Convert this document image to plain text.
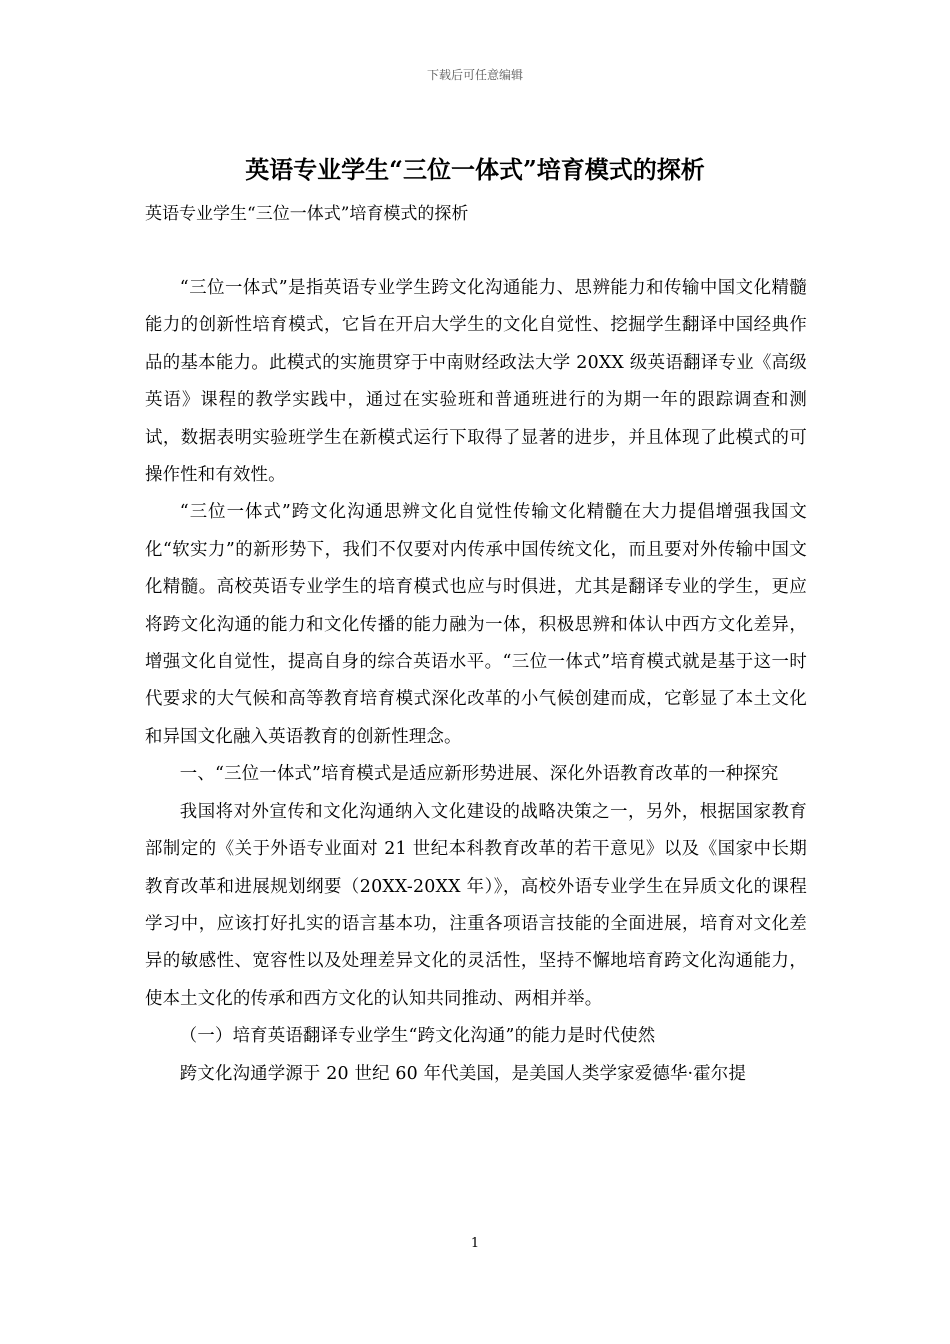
下载后可任意编辑
英语专业学生“三位一体式”培育模式的探析

英语专业学生“三位一体式”培育模式的探析

“三位一体式”是指英语专业学生跨文化沟通能力、思辨能力和传输中国文化精髓能力的创新性培育模式，它旨在开启大学生的文化自觉性、挖掘学生翻译中国经典作品的基本能力。此模式的实施贯穿于中南财经政法大学 20XX 级英语翻译专业《高级英语》课程的教学实践中，通过在实验班和普通班进行的为期一年的跟踪调查和测试，数据表明实验班学生在新模式运行下取得了显著的进步，并且体现了此模式的可操作性和有效性。

“三位一体式”跨文化沟通思辨文化自觉性传输文化精髓在大力提倡增强我国文化“软实力”的新形势下，我们不仅要对内传承中国传统文化，而且要对外传输中国文化精髓。高校英语专业学生的培育模式也应与时俱进，尤其是翻译专业的学生，更应将跨文化沟通的能力和文化传播的能力融为一体，积极思辨和体认中西方文化差异，增强文化自觉性，提高自身的综合英语水平。“三位一体式”培育模式就是基于这一时代要求的大气候和高等教育培育模式深化改革的小气候创建而成，它彰显了本土文化和异国文化融入英语教育的创新性理念。

一、“三位一体式”培育模式是适应新形势进展、深化外语教育改革的一种探究

我国将对外宣传和文化沟通纳入文化建设的战略决策之一，另外，根据国家教育部制定的《关于外语专业面对 21 世纪本科教育改革的若干意见》以及《国家中长期教育改革和进展规划纲要（20XX-20XX 年）》，高校外语专业学生在异质文化的课程学习中，应该打好扎实的语言基本功，注重各项语言技能的全面进展，培育对文化差异的敏感性、宽容性以及处理差异文化的灵活性，坚持不懈地培育跨文化沟通能力，使本土文化的传承和西方文化的认知共同推动、两相并举。

（一）培育英语翻译专业学生“跨文化沟通”的能力是时代使然

跨文化沟通学源于 20 世纪 60 年代美国，是美国人类学家爱德华·霍尔提

1
